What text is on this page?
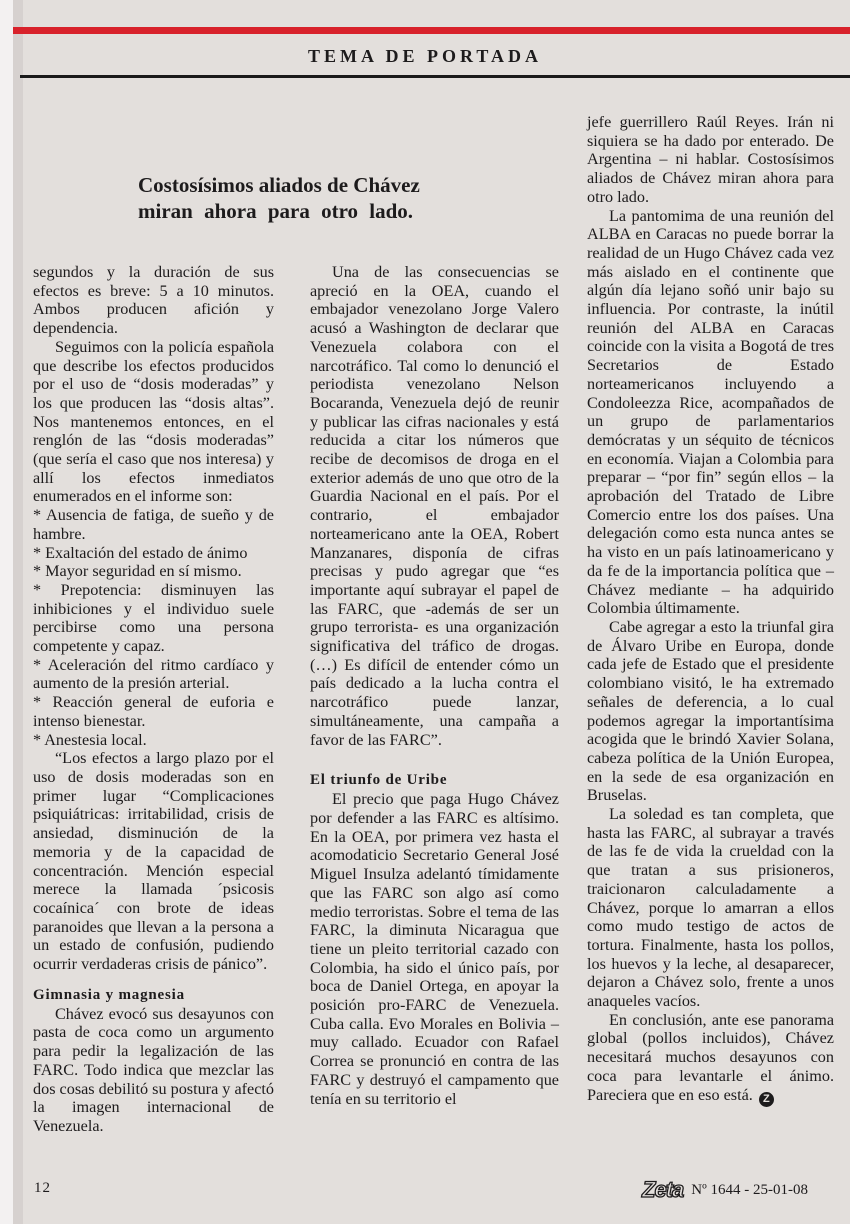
TEMA DE PORTADA
Costosísimos aliados de Chávez
miran ahora para otro lado.

segundos y la duración de sus efectos es breve: 5 a 10 minutos. Ambos producen afición y dependencia.

Seguimos con la policía española que describe los efectos producidos por el uso de “dosis moderadas” y los que producen las “dosis altas”. Nos mantenemos entonces, en el renglón de las “dosis moderadas” (que sería el caso que nos interesa) y allí los efectos inmediatos enumerados en el informe son:

* Ausencia de fatiga, de sueño y de hambre.

* Exaltación del estado de ánimo

* Mayor seguridad en sí mismo.

* Prepotencia: disminuyen las inhibiciones y el individuo suele percibirse como una persona competente y capaz.

* Aceleración del ritmo cardíaco y aumento de la presión arterial.

* Reacción general de euforia e intenso bienestar.

* Anestesia local.

“Los efectos a largo plazo por el uso de dosis moderadas son en primer lugar “Complicaciones psiquiátricas: irritabilidad, crisis de ansiedad, disminución de la memoria y de la capacidad de concentración. Mención especial merece la llamada ´psicosis cocaínica´ con brote de ideas paranoides que llevan a la persona a un estado de confusión, pudiendo ocurrir verdaderas crisis de pánico”.

Gimnasia y magnesia

Chávez evocó sus desayunos con pasta de coca como un argumento para pedir la legalización de las FARC. Todo indica que mezclar las dos cosas debilitó su postura y afectó la imagen internacional de Venezuela.

Una de las consecuencias se apreció en la OEA, cuando el embajador venezolano Jorge Valero acusó a Washington de declarar que Venezuela colabora con el narcotráfico. Tal como lo denunció el periodista venezolano Nelson Bocaranda, Venezuela dejó de reunir y publicar las cifras nacionales y está reducida a citar los números que recibe de decomisos de droga en el exterior además de uno que otro de la Guardia Nacional en el país. Por el contrario, el embajador norteamericano ante la OEA, Robert Manzanares, disponía de cifras precisas y pudo agregar que “es importante aquí subrayar el papel de las FARC, que -además de ser un grupo terrorista- es una organización significativa del tráfico de drogas. (…) Es difícil de entender cómo un país dedicado a la lucha contra el narcotráfico puede lanzar, simultáneamente, una campaña a favor de las FARC”.

El triunfo de Uribe

El precio que paga Hugo Chávez por defender a las FARC es altísimo. En la OEA, por primera vez hasta el acomodaticio Secretario General José Miguel Insulza adelantó tímidamente que las FARC son algo así como medio terroristas. Sobre el tema de las FARC, la diminuta Nicaragua que tiene un pleito territorial cazado con Colombia, ha sido el único país, por boca de Daniel Ortega, en apoyar la posición pro-FARC de Venezuela. Cuba calla. Evo Morales en Bolivia – muy callado. Ecuador con Rafael Correa se pronunció en contra de las FARC y destruyó el campamento que tenía en su territorio el

jefe guerrillero Raúl Reyes. Irán ni siquiera se ha dado por enterado. De Argentina – ni hablar. Costosísimos aliados de Chávez miran ahora para otro lado.

La pantomima de una reunión del ALBA en Caracas no puede borrar la realidad de un Hugo Chávez cada vez más aislado en el continente que algún día lejano soñó unir bajo su influencia. Por contraste, la inútil reunión del ALBA en Caracas coincide con la visita a Bogotá de tres Secretarios de Estado norteamericanos incluyendo a Condoleezza Rice, acompañados de un grupo de parlamentarios demócratas y un séquito de técnicos en economía. Viajan a Colombia para preparar – “por fin” según ellos – la aprobación del Tratado de Libre Comercio entre los dos países. Una delegación como esta nunca antes se ha visto en un país latinoamericano y da fe de la importancia política que – Chávez mediante – ha adquirido Colombia últimamente.

Cabe agregar a esto la triunfal gira de Álvaro Uribe en Europa, donde cada jefe de Estado que el presidente colombiano visitó, le ha extremado señales de deferencia, a lo cual podemos agregar la importantísima acogida que le brindó Xavier Solana, cabeza política de la Unión Europea, en la sede de esa organización en Bruselas.

La soledad es tan completa, que hasta las FARC, al subrayar a través de las fe de vida la crueldad con la que tratan a sus prisioneros, traicionaron calculadamente a Chávez, porque lo amarran a ellos como mudo testigo de actos de tortura. Finalmente, hasta los pollos, los huevos y la leche, al desaparecer, dejaron a Chávez solo, frente a unos anaqueles vacíos.

En conclusión, ante ese panorama global (pollos incluidos), Chávez necesitará muchos desayunos con coca para levantarle el ánimo. Pareciera que en eso está. Z

12	Zeta Nº 1644 - 25-01-08
